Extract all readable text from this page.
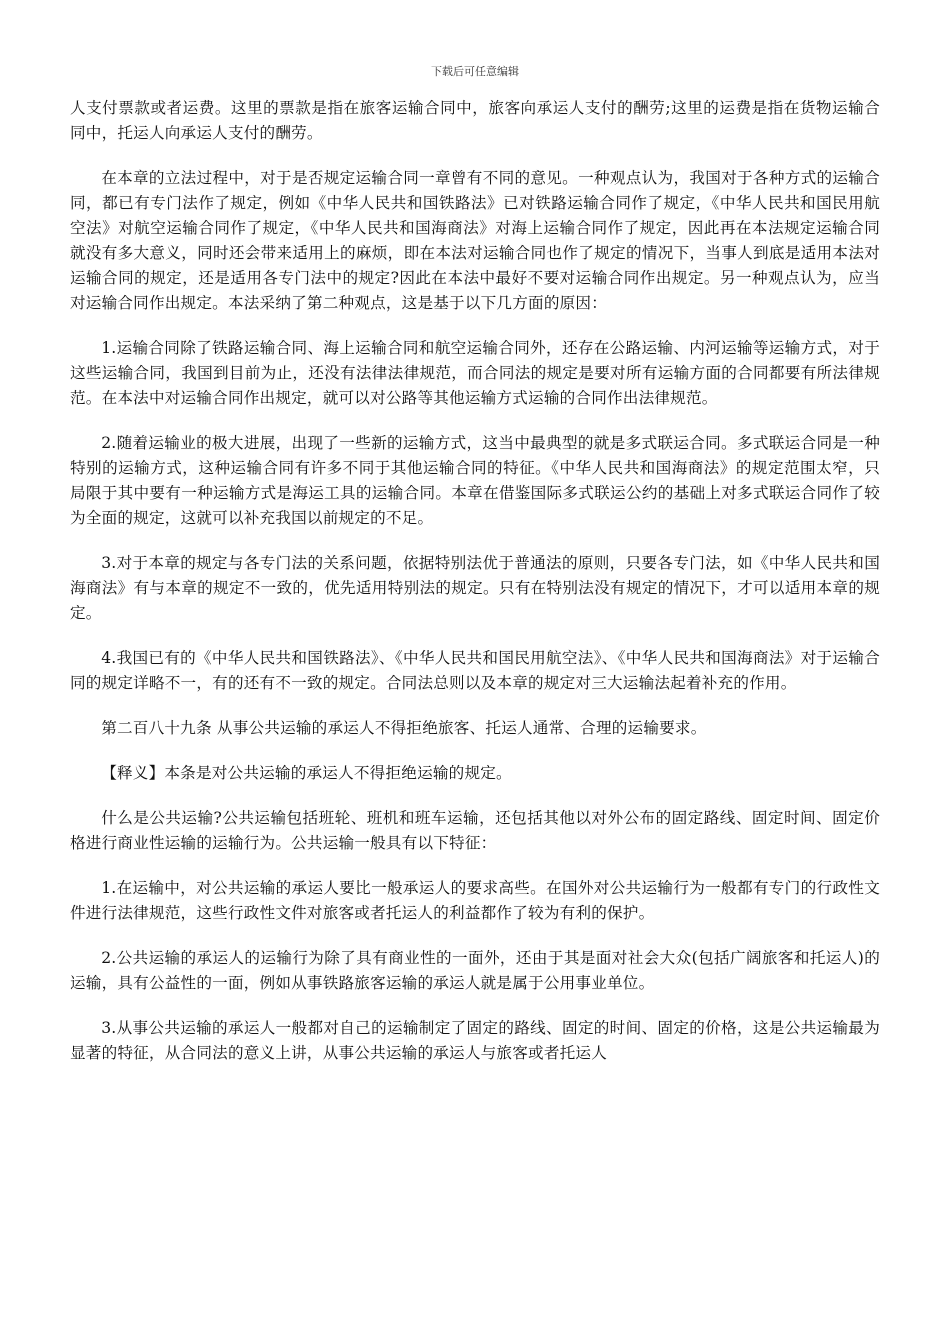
下载后可任意编辑

人支付票款或者运费。这里的票款是指在旅客运输合同中，旅客向承运人支付的酬劳;这里的运费是指在货物运输合同中，托运人向承运人支付的酬劳。

在本章的立法过程中，对于是否规定运输合同一章曾有不同的意见。一种观点认为，我国对于各种方式的运输合同，都已有专门法作了规定，例如《中华人民共和国铁路法》已对铁路运输合同作了规定，《中华人民共和国民用航空法》对航空运输合同作了规定，《中华人民共和国海商法》对海上运输合同作了规定，因此再在本法规定运输合同就没有多大意义，同时还会带来适用上的麻烦，即在本法对运输合同也作了规定的情况下，当事人到底是适用本法对运输合同的规定，还是适用各专门法中的规定?因此在本法中最好不要对运输合同作出规定。另一种观点认为，应当对运输合同作出规定。本法采纳了第二种观点，这是基于以下几方面的原因：

1.运输合同除了铁路运输合同、海上运输合同和航空运输合同外，还存在公路运输、内河运输等运输方式，对于这些运输合同，我国到目前为止，还没有法律法律规范，而合同法的规定是要对所有运输方面的合同都要有所法律规范。在本法中对运输合同作出规定，就可以对公路等其他运输方式运输的合同作出法律规范。

2.随着运输业的极大进展，出现了一些新的运输方式，这当中最典型的就是多式联运合同。多式联运合同是一种特别的运输方式，这种运输合同有许多不同于其他运输合同的特征。《中华人民共和国海商法》的规定范围太窄，只局限于其中要有一种运输方式是海运工具的运输合同。本章在借鉴国际多式联运公约的基础上对多式联运合同作了较为全面的规定，这就可以补充我国以前规定的不足。

3.对于本章的规定与各专门法的关系问题，依据特别法优于普通法的原则，只要各专门法，如《中华人民共和国海商法》有与本章的规定不一致的，优先适用特别法的规定。只有在特别法没有规定的情况下，才可以适用本章的规定。

4.我国已有的《中华人民共和国铁路法》、《中华人民共和国民用航空法》、《中华人民共和国海商法》对于运输合同的规定详略不一，有的还有不一致的规定。合同法总则以及本章的规定对三大运输法起着补充的作用。

第二百八十九条 从事公共运输的承运人不得拒绝旅客、托运人通常、合理的运输要求。

【释义】本条是对公共运输的承运人不得拒绝运输的规定。

什么是公共运输?公共运输包括班轮、班机和班车运输，还包括其他以对外公布的固定路线、固定时间、固定价格进行商业性运输的运输行为。公共运输一般具有以下特征：

1.在运输中，对公共运输的承运人要比一般承运人的要求高些。在国外对公共运输行为一般都有专门的行政性文件进行法律规范，这些行政性文件对旅客或者托运人的利益都作了较为有利的保护。

2.公共运输的承运人的运输行为除了具有商业性的一面外，还由于其是面对社会大众(包括广阔旅客和托运人)的运输，具有公益性的一面，例如从事铁路旅客运输的承运人就是属于公用事业单位。

3.从事公共运输的承运人一般都对自己的运输制定了固定的路线、固定的时间、固定的价格，这是公共运输最为显著的特征，从合同法的意义上讲，从事公共运输的承运人与旅客或者托运人
